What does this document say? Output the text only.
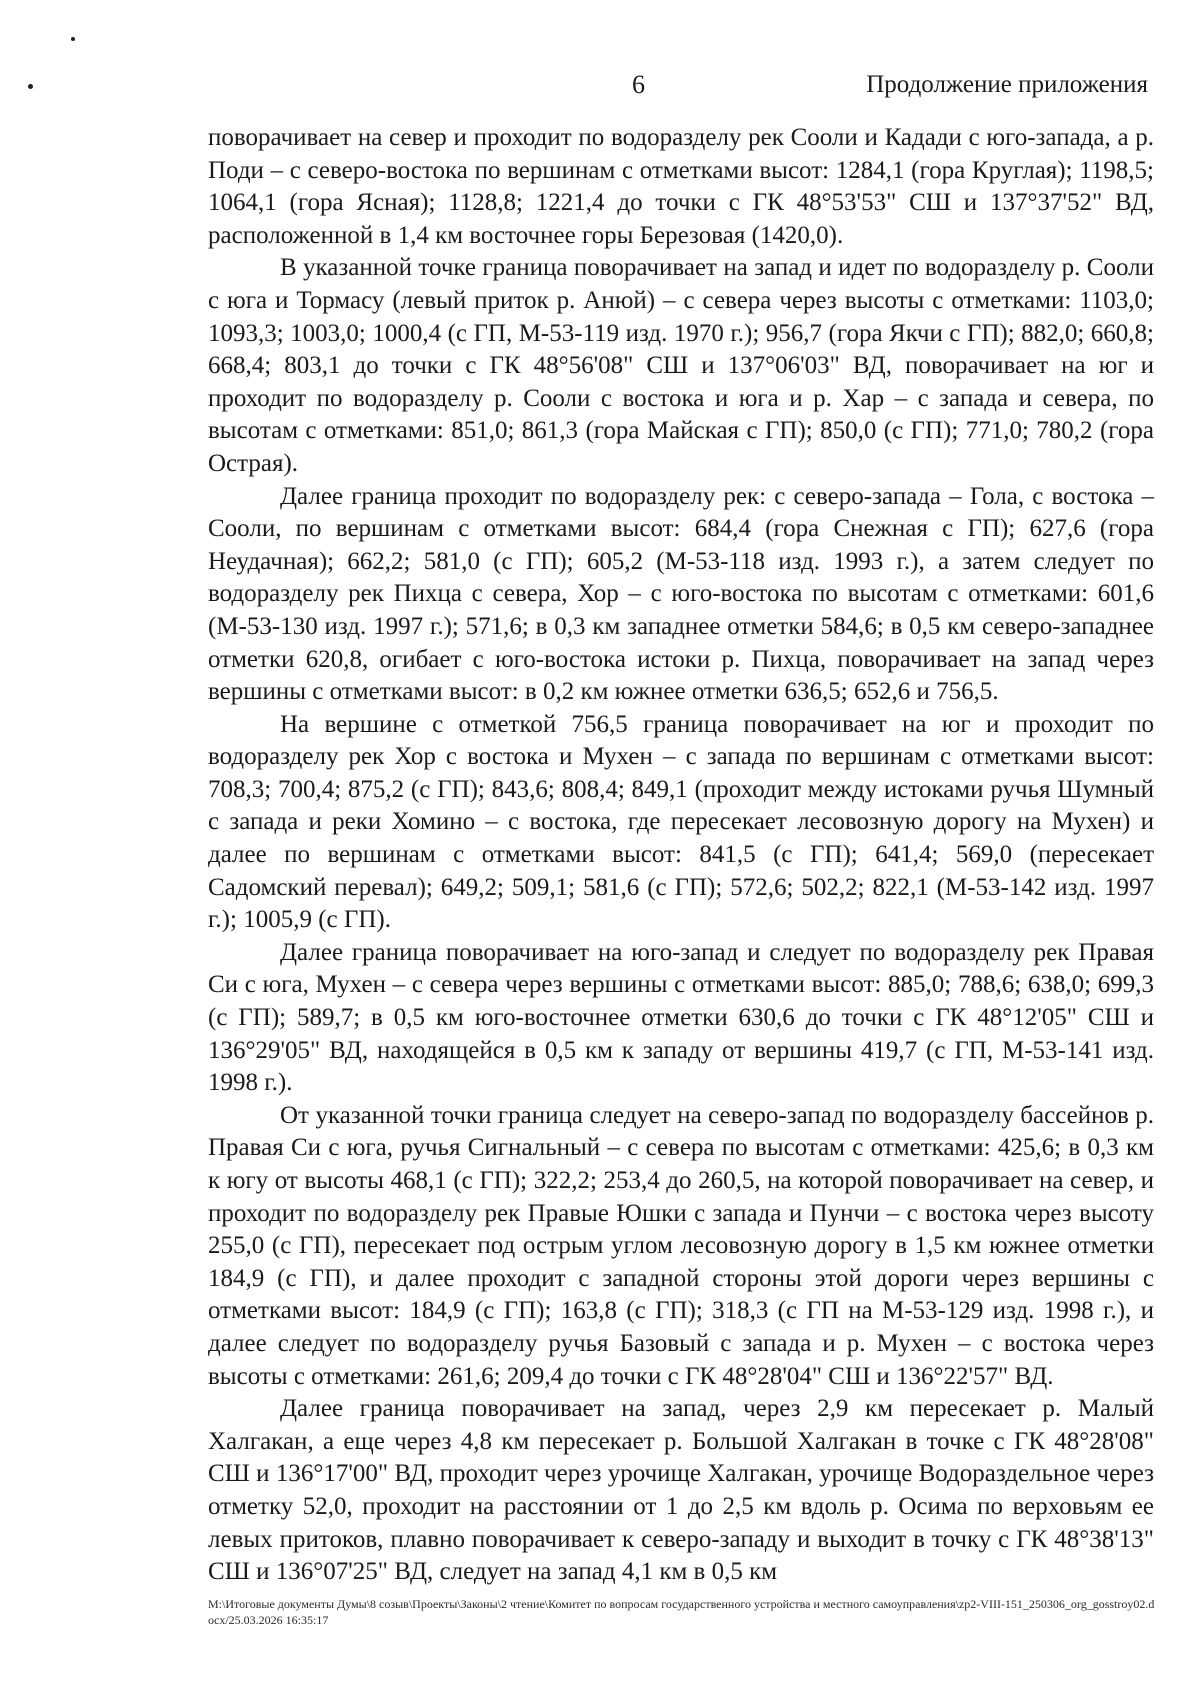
6	Продолжение приложения

поворачивает на север и проходит по водоразделу рек Сооли и Кадади с юго-запада, а р. Поди – с северо-востока по вершинам с отметками высот: 1284,1 (гора Круглая); 1198,5; 1064,1 (гора Ясная); 1128,8; 1221,4 до точки с ГК 48°53'53" СШ и 137°37'52" ВД, расположенной в 1,4 км восточнее горы Березовая (1420,0).

В указанной точке граница поворачивает на запад и идет по водоразделу р. Сооли с юга и Тормасу (левый приток р. Анюй) – с севера через высоты с отметками: 1103,0; 1093,3; 1003,0; 1000,4 (с ГП, М-53-119 изд. 1970 г.); 956,7 (гора Якчи с ГП); 882,0; 660,8; 668,4; 803,1 до точки с ГК 48°56'08" СШ и 137°06'03" ВД, поворачивает на юг и проходит по водоразделу р. Сооли с востока и юга и р. Хар – с запада и севера, по высотам с отметками: 851,0; 861,3 (гора Майская с ГП); 850,0 (с ГП); 771,0; 780,2 (гора Острая).

Далее граница проходит по водоразделу рек: с северо-запада – Гола, с востока – Сооли, по вершинам с отметками высот: 684,4 (гора Снежная с ГП); 627,6 (гора Неудачная); 662,2; 581,0 (с ГП); 605,2 (М-53-118 изд. 1993 г.), а затем следует по водоразделу рек Пихца с севера, Хор – с юго-востока по высотам с отметками: 601,6 (М-53-130 изд. 1997 г.); 571,6; в 0,3 км западнее отметки 584,6; в 0,5 км северо-западнее отметки 620,8, огибает с юго-востока истоки р. Пихца, поворачивает на запад через вершины с отметками высот: в 0,2 км южнее отметки 636,5; 652,6 и 756,5.

На вершине с отметкой 756,5 граница поворачивает на юг и проходит по водоразделу рек Хор с востока и Мухен – с запада по вершинам с отметками высот: 708,3; 700,4; 875,2 (с ГП); 843,6; 808,4; 849,1 (проходит между истоками ручья Шумный с запада и реки Хомино – с востока, где пересекает лесовозную дорогу на Мухен) и далее по вершинам с отметками высот: 841,5 (с ГП); 641,4; 569,0 (пересекает Садомский перевал); 649,2; 509,1; 581,6 (с ГП); 572,6; 502,2; 822,1 (М-53-142 изд. 1997 г.); 1005,9 (с ГП).

Далее граница поворачивает на юго-запад и следует по водоразделу рек Правая Си с юга, Мухен – с севера через вершины с отметками высот: 885,0; 788,6; 638,0; 699,3 (с ГП); 589,7; в 0,5 км юго-восточнее отметки 630,6 до точки с ГК 48°12'05" СШ и 136°29'05" ВД, находящейся в 0,5 км к западу от вершины 419,7 (с ГП, М-53-141 изд. 1998 г.).

От указанной точки граница следует на северо-запад по водоразделу бассейнов р. Правая Си с юга, ручья Сигнальный – с севера по высотам с отметками: 425,6; в 0,3 км к югу от высоты 468,1 (с ГП); 322,2; 253,4 до 260,5, на которой поворачивает на север, и проходит по водоразделу рек Правые Юшки с запада и Пунчи – с востока через высоту 255,0 (с ГП), пересекает под острым углом лесовозную дорогу в 1,5 км южнее отметки 184,9 (с ГП), и далее проходит с западной стороны этой дороги через вершины с отметками высот: 184,9 (с ГП); 163,8 (с ГП); 318,3 (с ГП на М-53-129 изд. 1998 г.), и далее следует по водоразделу ручья Базовый с запада и р. Мухен – с востока через высоты с отметками: 261,6; 209,4 до точки с ГК 48°28'04" СШ и 136°22'57" ВД.

Далее граница поворачивает на запад, через 2,9 км пересекает р. Малый Халгакан, а еще через 4,8 км пересекает р. Большой Халгакан в точке с ГК 48°28'08" СШ и 136°17'00" ВД, проходит через урочище Халгакан, урочище Водораздельное через отметку 52,0, проходит на расстоянии от 1 до 2,5 км вдоль р. Осима по верховьям ее левых притоков, плавно поворачивает к северо-западу и выходит в точку с ГК 48°38'13" СШ и 136°07'25" ВД, следует на запад 4,1 км в 0,5 км

M:\Итоговые документы Думы\8 созыв\Проекты\Законы\2 чтение\Комитет по вопросам государственного устройства и местного самоуправления\zp2-VIII-151_250306_org_gosstroy02.docx/25.03.2026 16:35:17
